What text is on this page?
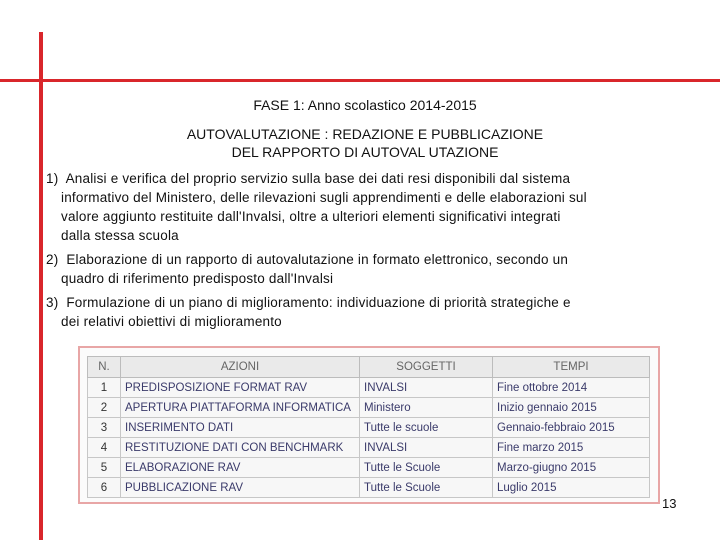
FASE 1: Anno scolastico 2014-2015
AUTOVALUTAZIONE : REDAZIONE E PUBBLICAZIONE
DEL RAPPORTO DI AUTOVAL UTAZIONE
1) Analisi e verifica del proprio servizio sulla base dei dati resi disponibili dal sistema
informativo del Ministero, delle rilevazioni sugli apprendimenti e delle elaborazioni sul
valore aggiunto restituite dall'Invalsi, oltre a ulteriori elementi significativi integrati
dalla stessa scuola
2) Elaborazione di un rapporto di autovalutazione in formato elettronico, secondo un
quadro di riferimento predisposto dall'Invalsi
3)  Formulazione di un piano di miglioramento: individuazione di priorità strategiche e
dei relativi obiettivi di miglioramento
N.	AZIONI	SOGGETTI	TEMPI
1	PREDISPOSIZIONE FORMAT RAV	INVALSI	Fine ottobre 2014
2	APERTURA PIATTAFORMA INFORMATICA	Ministero	Inizio gennaio 2015
3	INSERIMENTO DATI	Tutte le scuole	Gennaio-febbraio 2015
4	RESTITUZIONE DATI CON BENCHMARK	INVALSI	Fine marzo 2015
5	ELABORAZIONE RAV	Tutte le Scuole	Marzo-giugno 2015
6	PUBBLICAZIONE RAV	Tutte le Scuole	Luglio 2015
13
